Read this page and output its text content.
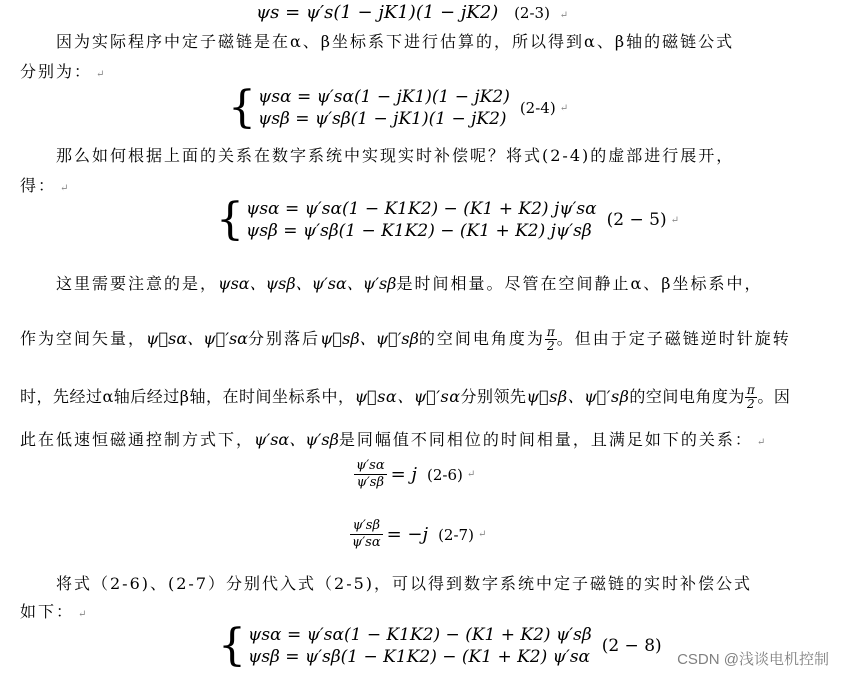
ψs = ψ′s(1 − jK1)(1 − jK2) (2-3) ↵
因为实际程序中定子磁链是在α、β坐标系下进行估算的，所以得到α、β轴的磁链公式
分别为： ↵
{ ψsα = ψ′sα(1 − jK1)(1 − jK2)
ψsβ = ψ′sβ(1 − jK1)(1 − jK2)
(2-4) ↵
那么如何根据上面的关系在数字系统中实现实时补偿呢？将式(2-4)的虚部进行展开，
得： ↵
{ ψsα = ψ′sα(1 − K1K2) − (K1 + K2) jψ′sα
ψsβ = ψ′sβ(1 − K1K2) − (K1 + K2) jψ′sβ
(2 − 5) ↵
这里需要注意的是，ψsα、ψsβ、ψ′sα、ψ′sβ是时间相量。尽管在空间静止α、β坐标系中，
作为空间矢量，ψ⃗sα、ψ⃗′sα分别落后ψ⃗sβ、ψ⃗′sβ的空间电角度为 $\frac{\pi}{2}$ 。但由于定子磁链逆时针旋转
时，先经过α轴后经过β轴，在时间坐标系中，ψ⃗sα、ψ⃗′sα分别领先ψ⃗sβ、ψ⃗′sβ的空间电角度为 $\frac{\pi}{2}$ 。因
此在低速恒磁通控制方式下，ψ′sα、ψ′sβ是同幅值不同相位的时间相量，且满足如下的关系： ↵
$\frac{\psi's\alpha}{\psi's\beta} = j$ (2-6) ↵
$\frac{\psi's\beta}{\psi's\alpha} = -j$ (2-7) ↵
将式（2-6)、(2-7）分别代入式（2-5)，可以得到数字系统中定子磁链的实时补偿公式
如下： ↵
{ ψsα = ψ′sα(1 − K1K2) − (K1 + K2) ψ′sβ
ψsβ = ψ′sβ(1 − K1K2) − (K1 + K2) ψ′sα
(2 − 8)
CSDN @浅谈电机控制
